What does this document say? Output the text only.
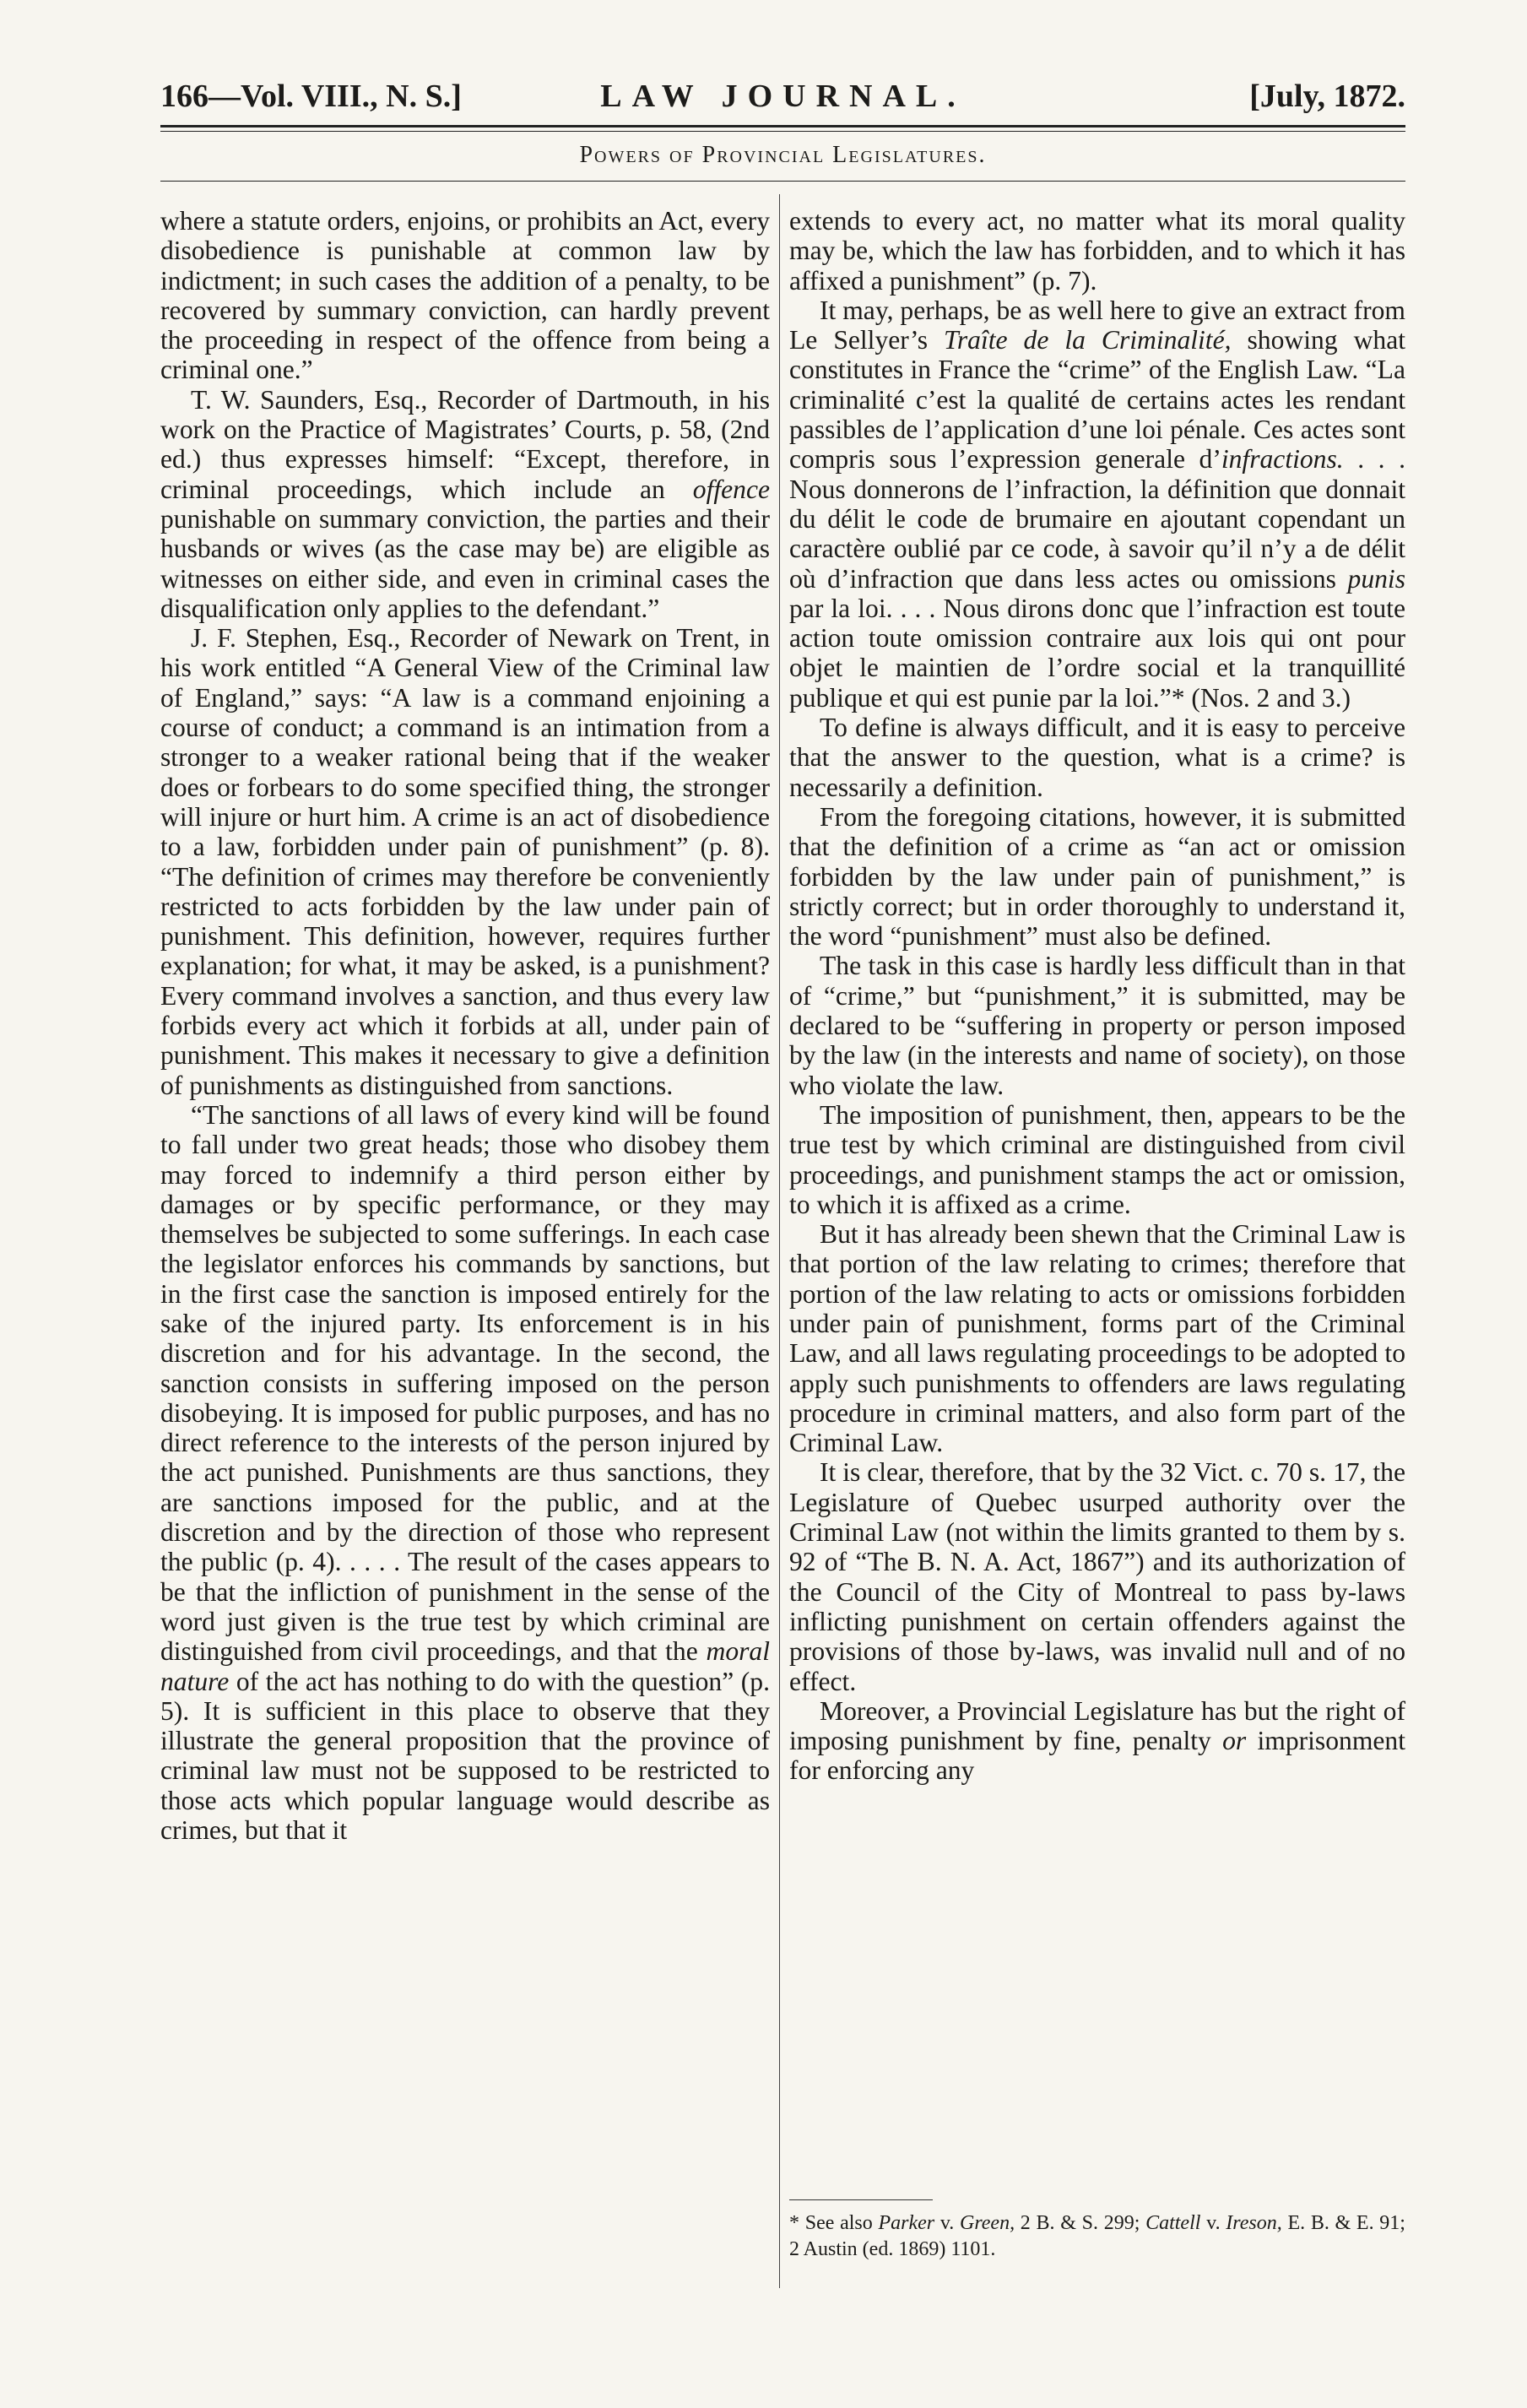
166—Vol. VIII., N. S.]	LAW JOURNAL.	[July, 1872.
Powers of Provincial Legislatures.

where a statute orders, enjoins, or prohibits an Act, every disobedience is punishable at common law by indictment; in such cases the addition of a penalty, to be recovered by summary conviction, can hardly prevent the proceeding in respect of the offence from being a criminal one.”

T. W. Saunders, Esq., Recorder of Dartmouth, in his work on the Practice of Magistrates’ Courts, p. 58, (2nd ed.) thus expresses himself: “Except, therefore, in criminal proceedings, which include an offence punishable on summary conviction, the parties and their husbands or wives (as the case may be) are eligible as witnesses on either side, and even in criminal cases the disqualification only applies to the defendant.”

J. F. Stephen, Esq., Recorder of Newark on Trent, in his work entitled “A General View of the Criminal law of England,” says: “A law is a command enjoining a course of conduct; a command is an intimation from a stronger to a weaker rational being that if the weaker does or forbears to do some specified thing, the stronger will injure or hurt him. A crime is an act of disobedience to a law, forbidden under pain of punishment” (p. 8). “The definition of crimes may therefore be conveniently restricted to acts forbidden by the law under pain of punishment. This definition, however, requires further explanation; for what, it may be asked, is a punishment? Every command involves a sanction, and thus every law forbids every act which it forbids at all, under pain of punishment. This makes it necessary to give a definition of punishments as distinguished from sanctions.

“The sanctions of all laws of every kind will be found to fall under two great heads; those who disobey them may forced to indemnify a third person either by damages or by specific performance, or they may themselves be subjected to some sufferings. In each case the legislator enforces his commands by sanctions, but in the first case the sanction is imposed entirely for the sake of the injured party. Its enforcement is in his discretion and for his advantage. In the second, the sanction consists in suffering imposed on the person disobeying. It is imposed for public purposes, and has no direct reference to the interests of the person injured by the act punished. Punishments are thus sanctions, they are sanctions imposed for the public, and at the discretion and by the direction of those who represent the public (p. 4). . . . . The result of the cases appears to be that the infliction of punishment in the sense of the word just given is the true test by which criminal are distinguished from civil proceedings, and that the moral nature of the act has nothing to do with the question” (p. 5). It is sufficient in this place to observe that they illustrate the general proposition that the province of criminal law must not be supposed to be restricted to those acts which popular language would describe as crimes, but that it

extends to every act, no matter what its moral quality may be, which the law has forbidden, and to which it has affixed a punishment” (p. 7).

It may, perhaps, be as well here to give an extract from Le Sellyer’s Traîte de la Criminalité, showing what constitutes in France the “crime” of the English Law. “La criminalité c’est la qualité de certains actes les rendant passibles de l’application d’une loi pénale. Ces actes sont compris sous l’expression generale d’infractions. . . . Nous donnerons de l’infraction, la définition que donnait du délit le code de brumaire en ajoutant copendant un caractère oublié par ce code, à savoir qu’il n’y a de délit où d’infraction que dans less actes ou omissions punis par la loi. . . . Nous dirons donc que l’infraction est toute action toute omission contraire aux lois qui ont pour objet le maintien de l’ordre social et la tranquillité publique et qui est punie par la loi.”* (Nos. 2 and 3.)

To define is always difficult, and it is easy to perceive that the answer to the question, what is a crime? is necessarily a definition.

From the foregoing citations, however, it is submitted that the definition of a crime as “an act or omission forbidden by the law under pain of punishment,” is strictly correct; but in order thoroughly to understand it, the word “punishment” must also be defined.

The task in this case is hardly less difficult than in that of “crime,” but “punishment,” it is submitted, may be declared to be “suffering in property or person imposed by the law (in the interests and name of society), on those who violate the law.

The imposition of punishment, then, appears to be the true test by which criminal are distinguished from civil proceedings, and punishment stamps the act or omission, to which it is affixed as a crime.

But it has already been shewn that the Criminal Law is that portion of the law relating to crimes; therefore that portion of the law relating to acts or omissions forbidden under pain of punishment, forms part of the Criminal Law, and all laws regulating proceedings to be adopted to apply such punishments to offenders are laws regulating procedure in criminal matters, and also form part of the Criminal Law.

It is clear, therefore, that by the 32 Vict. c. 70 s. 17, the Legislature of Quebec usurped authority over the Criminal Law (not within the limits granted to them by s. 92 of “The B. N. A. Act, 1867”) and its authorization of the Council of the City of Montreal to pass by-laws inflicting punishment on certain offenders against the provisions of those by-laws, was invalid null and of no effect.

Moreover, a Provincial Legislature has but the right of imposing punishment by fine, penalty or imprisonment for enforcing any

* See also Parker v. Green, 2 B. & S. 299; Cattell v. Ireson, E. B. & E. 91; 2 Austin (ed. 1869) 1101.
